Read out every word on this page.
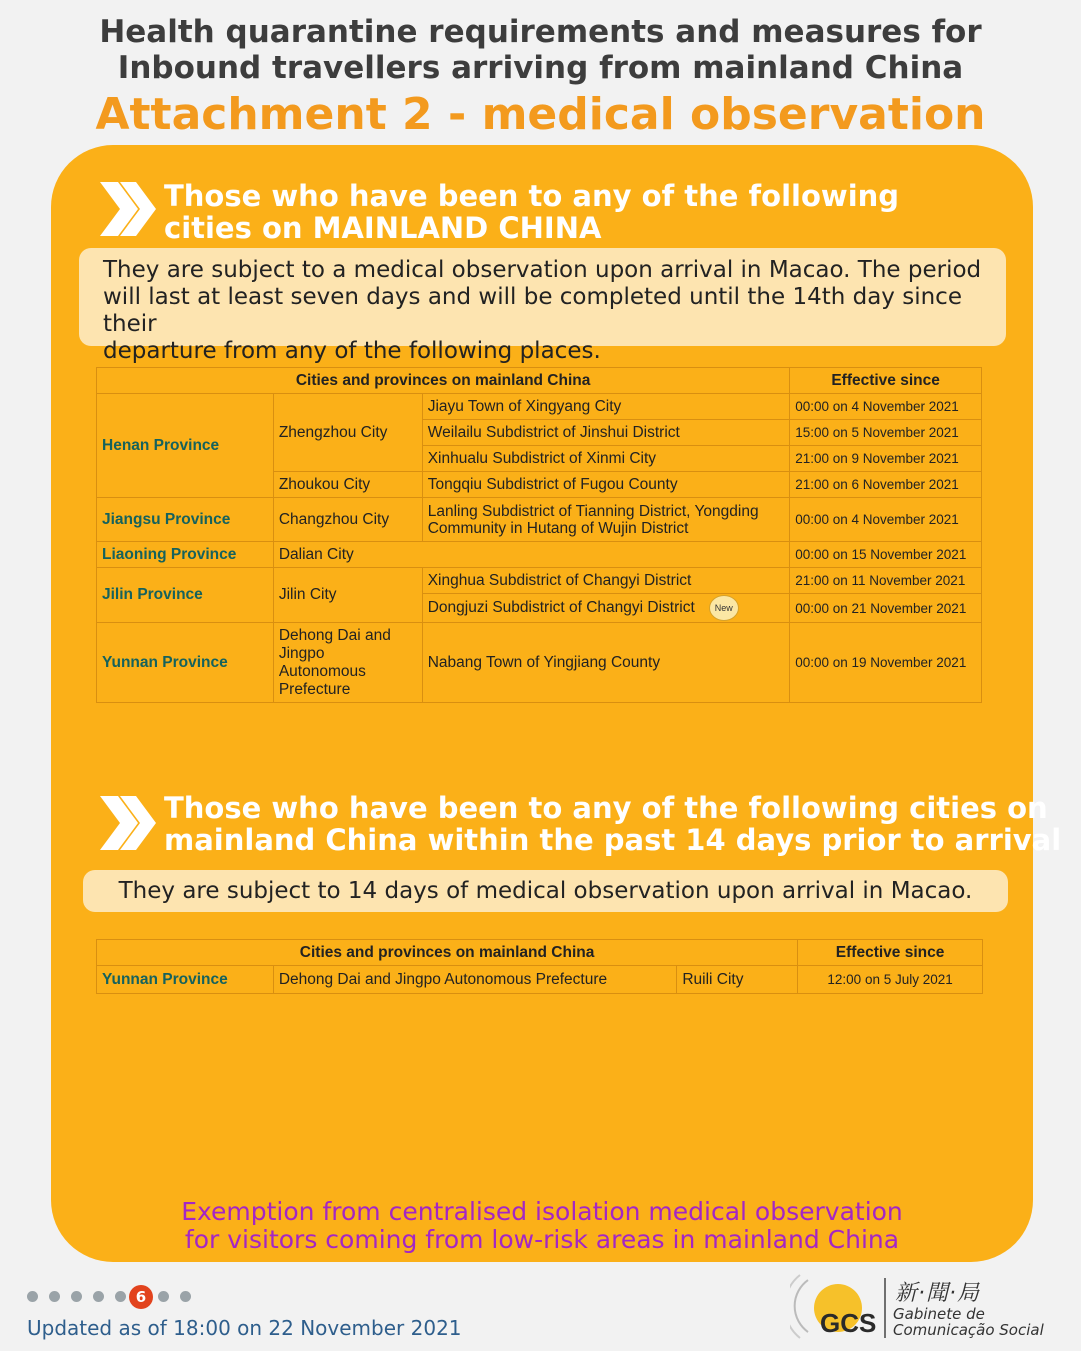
Health quarantine requirements and measures for
Inbound travellers arriving from mainland China
Attachment 2 - medical observation
Those who have been to any of the following
cities on MAINLAND CHINA
They are subject to a medical observation upon arrival in Macao. The period
will last at least seven days and will be completed until the 14th day since their
departure from any of the following places.
Cities and provinces on mainland China			Effective since
Henan Province	Zhengzhou City	Jiayu Town of Xingyang City	00:00 on 4 November 2021
		Weilailu Subdistrict of Jinshui District	15:00 on 5 November 2021
		Xinhualu Subdistrict of Xinmi City	21:00 on 9 November 2021
	Zhoukou City	Tongqiu Subdistrict of Fugou County	21:00 on 6 November 2021
Jiangsu Province	Changzhou City	Lanling Subdistrict of Tianning District, Yongding
Community in Hutang of Wujin District	00:00 on 4 November 2021
Liaoning Province	Dalian City		00:00 on 15 November 2021
Jilin Province	Jilin City	Xinghua Subdistrict of Changyi District	21:00 on 11 November 2021
		Dongjuzi Subdistrict of Changyi District New	00:00 on 21 November 2021
Yunnan Province	Dehong Dai and
Jingpo
Autonomous
Prefecture	Nabang Town of Yingjiang County	00:00 on 19 November 2021
Those who have been to any of the following cities on
mainland China within the past 14 days prior to arrival
They are subject to 14 days of medical observation upon arrival in Macao.
Cities and provinces on mainland China			Effective since
Yunnan Province	Dehong Dai and Jingpo Autonomous Prefecture	Ruili City	12:00 on 5 July 2021
Exemption from centralised isolation medical observation
for visitors coming from low-risk areas in mainland China
6
Updated as of 18:00 on 22 November 2021	GCS
新·聞·局
Gabinete de
Comunicação Social
